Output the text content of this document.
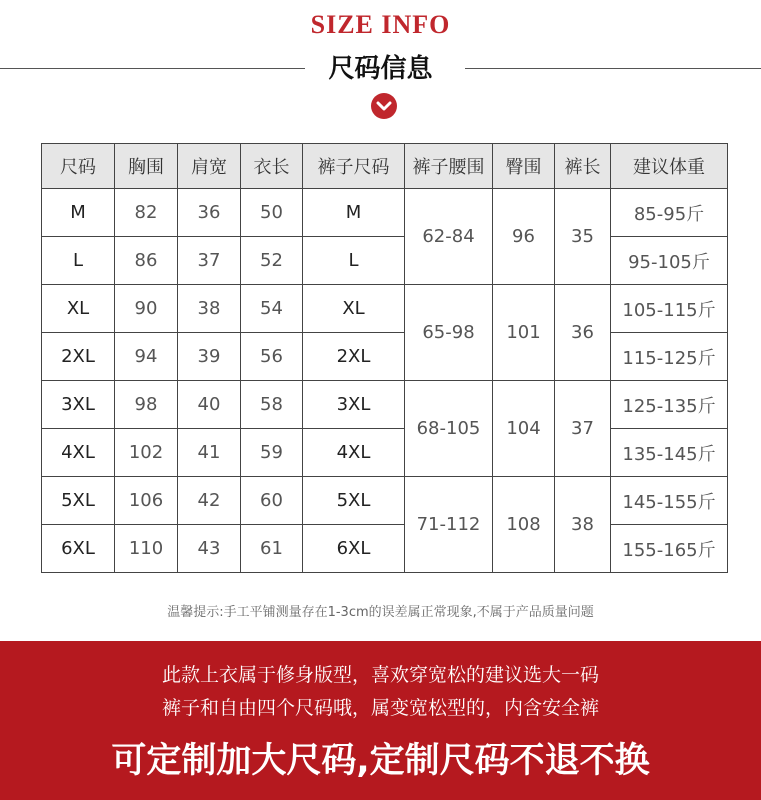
SIZE INFO
尺码信息
尺码	胸围	肩宽	衣长	裤子尺码	裤子腰围	臀围	裤长	建议体重
M	82	36	50	M	62-84	96	35	85-95斤
L	86	37	52	L				95-105斤
XL	90	38	54	XL	65-98	101	36	105-115斤
2XL	94	39	56	2XL				115-125斤
3XL	98	40	58	3XL	68-105	104	37	125-135斤
4XL	102	41	59	4XL				135-145斤
5XL	106	42	60	5XL	71-112	108	38	145-155斤
6XL	110	43	61	6XL				155-165斤
温馨提示:手工平铺测量存在1-3cm的误差属正常现象,不属于产品质量问题
此款上衣属于修身版型，喜欢穿宽松的建议选大一码
裤子和自由四个尺码哦，属变宽松型的，内含安全裤
可定制加大尺码,定制尺码不退不换
